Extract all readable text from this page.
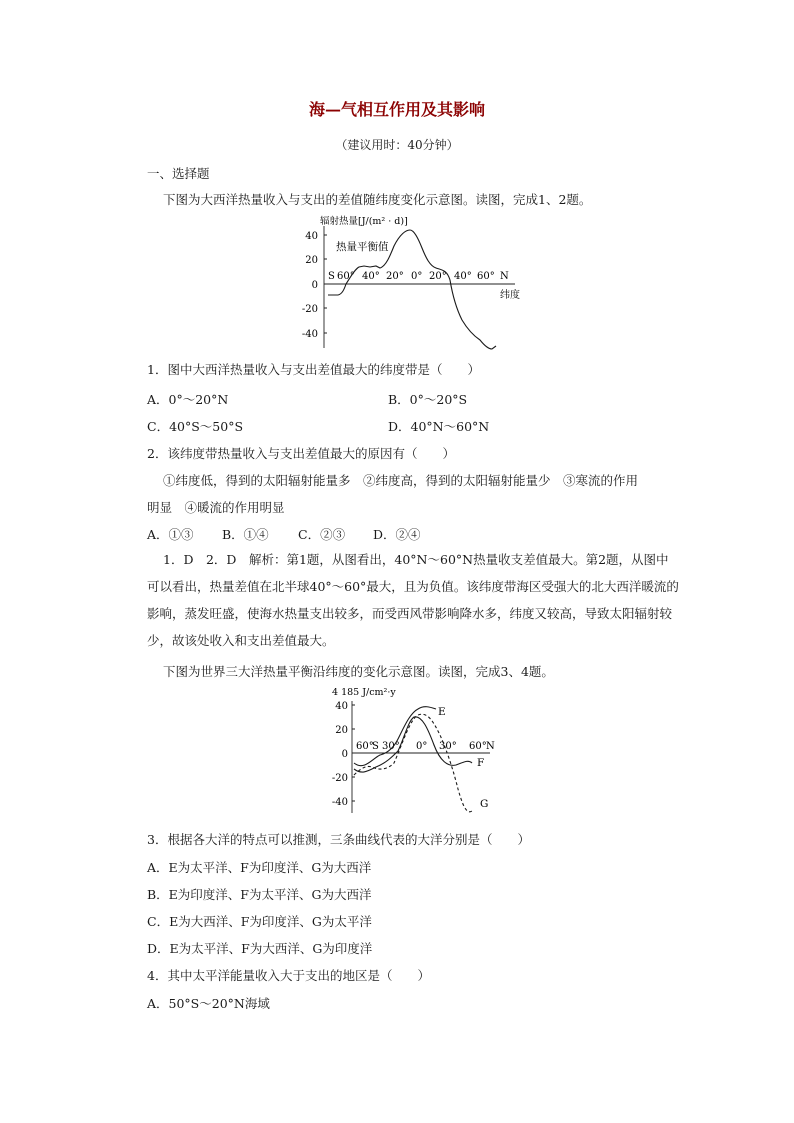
海—气相互作用及其影响
（建议用时：40分钟）
一、选择题
下图为大西洋热量收入与支出的差值随纬度变化示意图。读图，完成1、2题。
辐射热量[J/(m² · d)]
40
20
0
-20
-40
热量平衡值
S 60° 40° 20° 0° 20° 40° 60° N
纬度
1．图中大西洋热量收入与支出差值最大的纬度带是（　　）
A．0°～20°N	B．0°～20°S
C．40°S～50°S	D．40°N～60°N
2．该纬度带热量收入与支出差值最大的原因有（　　）
①纬度低，得到的太阳辐射能量多　②纬度高，得到的太阳辐射能量少　③寒流的作用
明显　④暖流的作用明显
A．①③ B．①④ C．②③ D．②④

1．D　2．D　解析：第1题，从图看出，40°N～60°N热量收支差值最大。第2题，从图中可以看出，热量差值在北半球40°～60°最大，且为负值。该纬度带海区受强大的北大西洋暖流的影响，蒸发旺盛，使海水热量支出较多，而受西风带影响降水多，纬度又较高，导致太阳辐射较少，故该处收入和支出差值最大。

下图为世界三大洋热量平衡沿纬度的变化示意图。读图，完成3、4题。
4 185 J/cm²·y
40
20
0
-20
-40
60°
S 30° 0° 30° 60° N
E
F
G
3．根据各大洋的特点可以推测，三条曲线代表的大洋分别是（　　）
A．E为太平洋、F为印度洋、G为大西洋
B．E为印度洋、F为太平洋、G为大西洋
C．E为大西洋、F为印度洋、G为太平洋
D．E为太平洋、F为大西洋、G为印度洋
4．其中太平洋能量收入大于支出的地区是（　　）
A．50°S～20°N海域
